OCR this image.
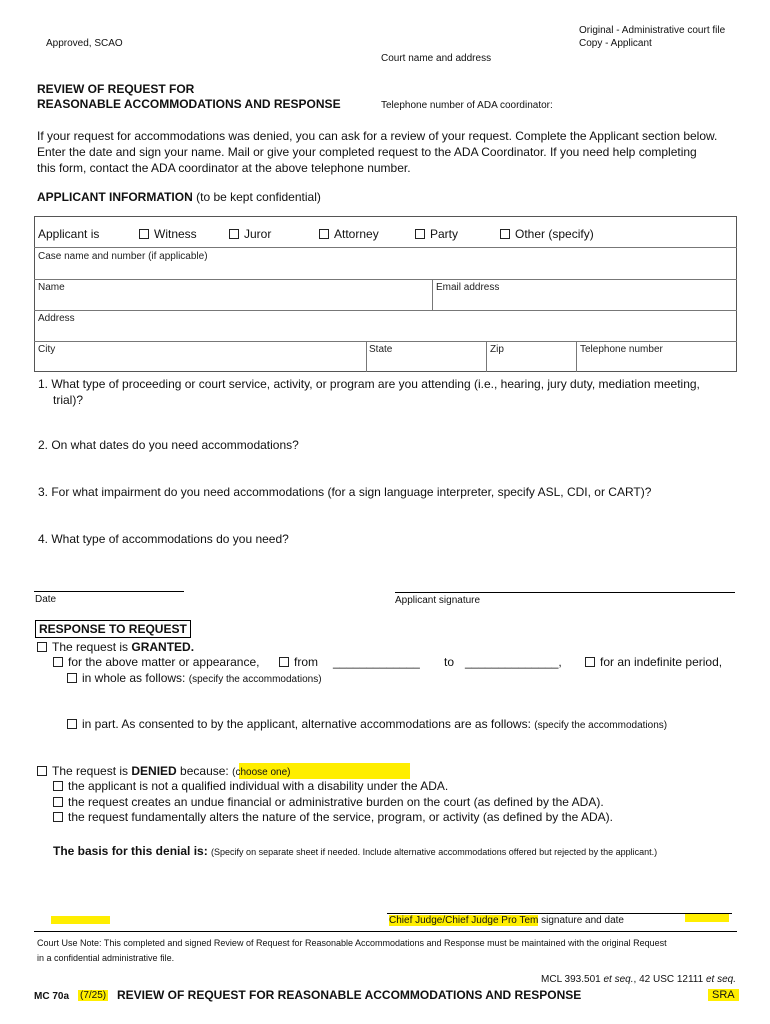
Approved, SCAO
Original - Administrative court file
Copy - Applicant
Court name and address
REVIEW OF REQUEST FOR
REASONABLE ACCOMMODATIONS AND RESPONSE	Telephone number of ADA coordinator:
If your request for accommodations was denied, you can ask for a review of your request. Complete the Applicant section below.
Enter the date and sign your name. Mail or give your completed request to the ADA Coordinator. If you need help completing
this form, contact the ADA coordinator at the above telephone number.
APPLICANT INFORMATION (to be kept confidential)
Applicant is	Witness	Juror	Attorney	Party	Other (specify)
Case name and number (if applicable)
Name	Email address
Address
City	State	Zip	Telephone number
1. What type of proceeding or court service, activity, or program are you attending (i.e., hearing, jury duty, mediation meeting,
trial)?
2. On what dates do you need accommodations?
3. For what impairment do you need accommodations (for a sign language interpreter, specify ASL, CDI, or CART)?
4. What type of accommodations do you need?
Date	Applicant signature
RESPONSE TO REQUEST
The request is GRANTED.
for the above matter or appearance,	from _____________ to ______________,	for an indefinite period,
in whole as follows: (specify the accommodations)
in part. As consented to by the applicant, alternative accommodations are as follows: (specify the accommodations)
The request is DENIED because: (choose one)
the applicant is not a qualified individual with a disability under the ADA.
the request creates an undue financial or administrative burden on the court (as defined by the ADA).
the request fundamentally alters the nature of the service, program, or activity (as defined by the ADA).
The basis for this denial is: (Specify on separate sheet if needed. Include alternative accommodations offered but rejected by the applicant.)
Chief Judge/Chief Judge Pro Tem signature and date
Court Use Note: This completed and signed Review of Request for Reasonable Accommodations and Response must be maintained with the original Request
in a confidential administrative file.
MCL 393.501 et seq., 42 USC 12111 et seq.
MC 70a (7/25) REVIEW OF REQUEST FOR REASONABLE ACCOMMODATIONS AND RESPONSE	SRA
